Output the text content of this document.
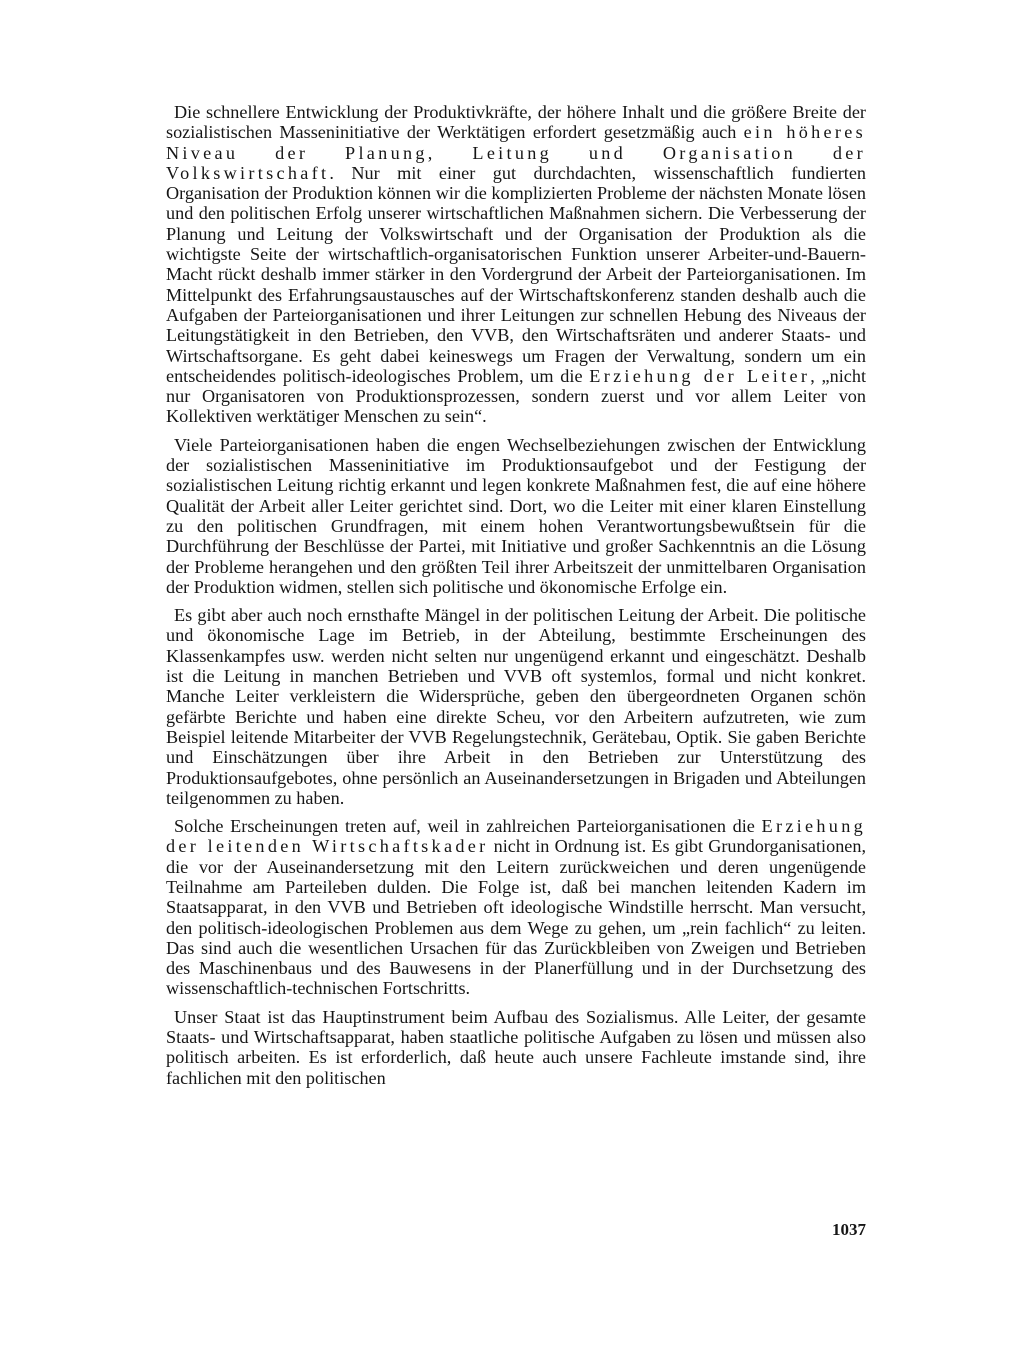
Die schnellere Entwicklung der Produktivkräfte, der höhere Inhalt und die größere Breite der sozialistischen Masseninitiative der Werktätigen erfordert gesetzmäßig auch ein höheres Niveau der Planung, Leitung und Organisation der Volkswirtschaft. Nur mit einer gut durchdachten, wissenschaftlich fundierten Organisation der Produktion können wir die komplizierten Probleme der nächsten Monate lösen und den politischen Erfolg unserer wirtschaftlichen Maßnahmen sichern. Die Verbesserung der Planung und Leitung der Volkswirtschaft und der Organisation der Produktion als die wichtigste Seite der wirtschaftlich-organisatorischen Funktion unserer Arbeiter-und-Bauern-Macht rückt deshalb immer stärker in den Vordergrund der Arbeit der Parteiorganisationen. Im Mittelpunkt des Erfahrungsaustausches auf der Wirtschaftskonferenz standen deshalb auch die Aufgaben der Parteiorganisationen und ihrer Leitungen zur schnellen Hebung des Niveaus der Leitungstätigkeit in den Betrieben, den VVB, den Wirtschaftsräten und anderer Staats- und Wirtschaftsorgane. Es geht dabei keineswegs um Fragen der Verwaltung, sondern um ein entscheidendes politisch-ideologisches Problem, um die Erziehung der Leiter, „nicht nur Organisatoren von Produktionsprozessen, sondern zuerst und vor allem Leiter von Kollektiven werktätiger Menschen zu sein“.

Viele Parteiorganisationen haben die engen Wechselbeziehungen zwischen der Entwicklung der sozialistischen Masseninitiative im Produktionsaufgebot und der Festigung der sozialistischen Leitung richtig erkannt und legen konkrete Maßnahmen fest, die auf eine höhere Qualität der Arbeit aller Leiter gerichtet sind. Dort, wo die Leiter mit einer klaren Einstellung zu den politischen Grundfragen, mit einem hohen Verantwortungsbewußtsein für die Durchführung der Beschlüsse der Partei, mit Initiative und großer Sachkenntnis an die Lösung der Probleme herangehen und den größten Teil ihrer Arbeitszeit der unmittelbaren Organisation der Produktion widmen, stellen sich politische und ökonomische Erfolge ein.

Es gibt aber auch noch ernsthafte Mängel in der politischen Leitung der Arbeit. Die politische und ökonomische Lage im Betrieb, in der Abteilung, bestimmte Erscheinungen des Klassenkampfes usw. werden nicht selten nur ungenügend erkannt und eingeschätzt. Deshalb ist die Leitung in manchen Betrieben und VVB oft systemlos, formal und nicht konkret. Manche Leiter verkleistern die Widersprüche, geben den übergeordneten Organen schön gefärbte Berichte und haben eine direkte Scheu, vor den Arbeitern aufzutreten, wie zum Beispiel leitende Mitarbeiter der VVB Regelungstechnik, Gerätebau, Optik. Sie gaben Berichte und Einschätzungen über ihre Arbeit in den Betrieben zur Unterstützung des Produktionsaufgebotes, ohne persönlich an Auseinandersetzungen in Brigaden und Abteilungen teilgenommen zu haben.

Solche Erscheinungen treten auf, weil in zahlreichen Parteiorganisationen die Erziehung der leitenden Wirtschaftskader nicht in Ordnung ist. Es gibt Grundorganisationen, die vor der Auseinandersetzung mit den Leitern zurückweichen und deren ungenügende Teilnahme am Parteileben dulden. Die Folge ist, daß bei manchen leitenden Kadern im Staatsapparat, in den VVB und Betrieben oft ideologische Windstille herrscht. Man versucht, den politisch-ideologischen Problemen aus dem Wege zu gehen, um „rein fachlich“ zu leiten. Das sind auch die wesentlichen Ursachen für das Zurückbleiben von Zweigen und Betrieben des Maschinenbaus und des Bauwesens in der Planerfüllung und in der Durchsetzung des wissenschaftlich-technischen Fortschritts.

Unser Staat ist das Hauptinstrument beim Aufbau des Sozialismus. Alle Leiter, der gesamte Staats- und Wirtschaftsapparat, haben staatliche politische Aufgaben zu lösen und müssen also politisch arbeiten. Es ist erforderlich, daß heute auch unsere Fachleute imstande sind, ihre fachlichen mit den politischen

1037
